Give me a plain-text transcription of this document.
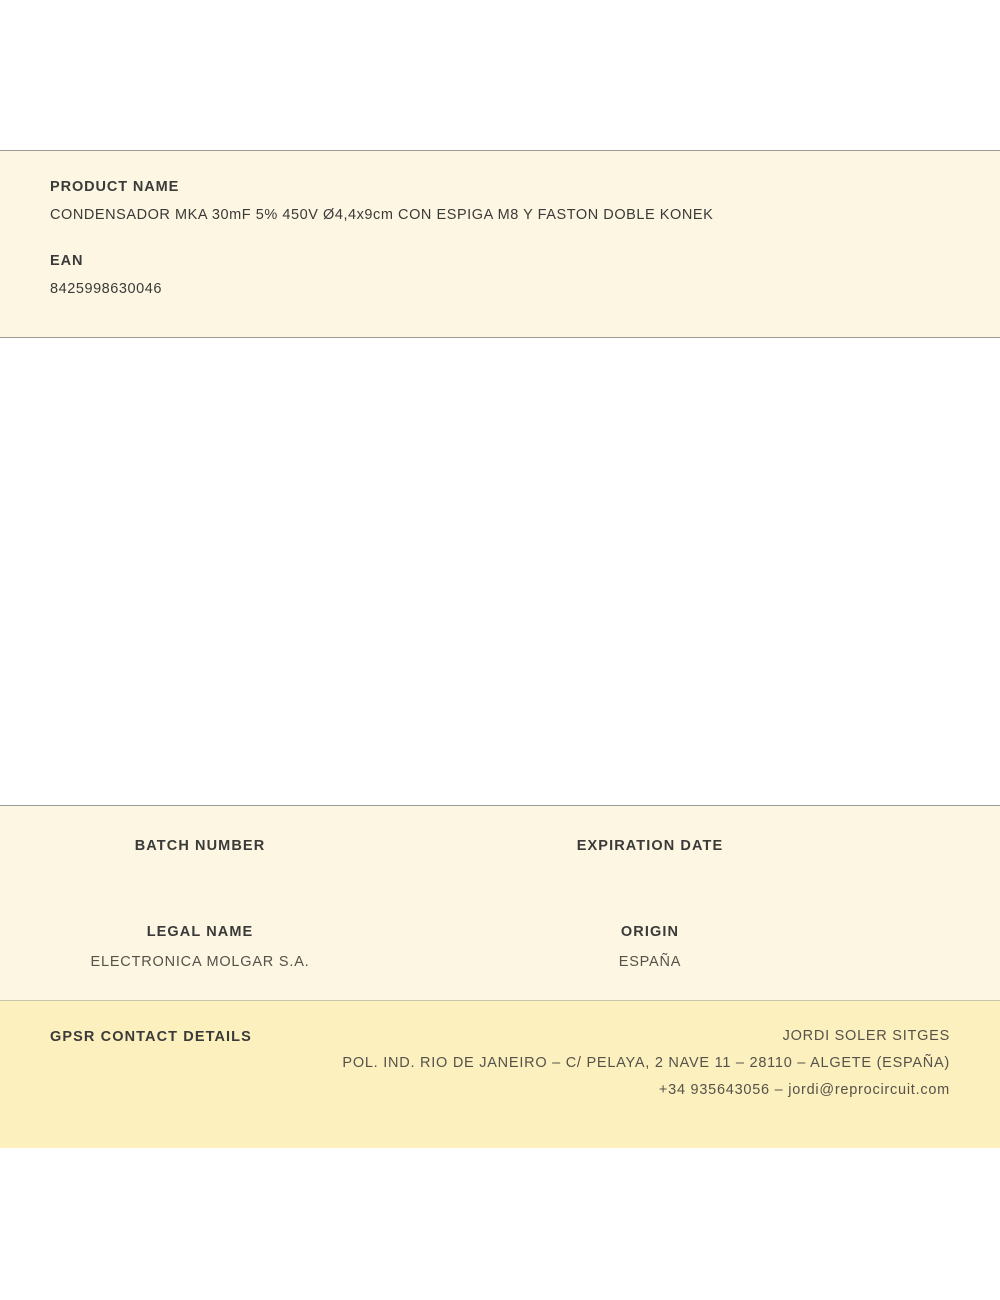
PRODUCT NAME
CONDENSADOR MKA 30mF 5% 450V Ø4,4x9cm CON ESPIGA M8 Y FASTON DOBLE KONEK
EAN
8425998630046

BATCH NUMBER	EXPIRATION DATE

LEGAL NAME	ORIGIN

ELECTRONICA MOLGAR S.A.	ESPAÑA

GPSR CONTACT DETAILS	JORDI SOLER SITGES

POL. IND. RIO DE JANEIRO – C/ PELAYA, 2 NAVE 11 – 28110 – ALGETE (ESPAÑA)

+34 935643056 – jordi@reprocircuit.com
